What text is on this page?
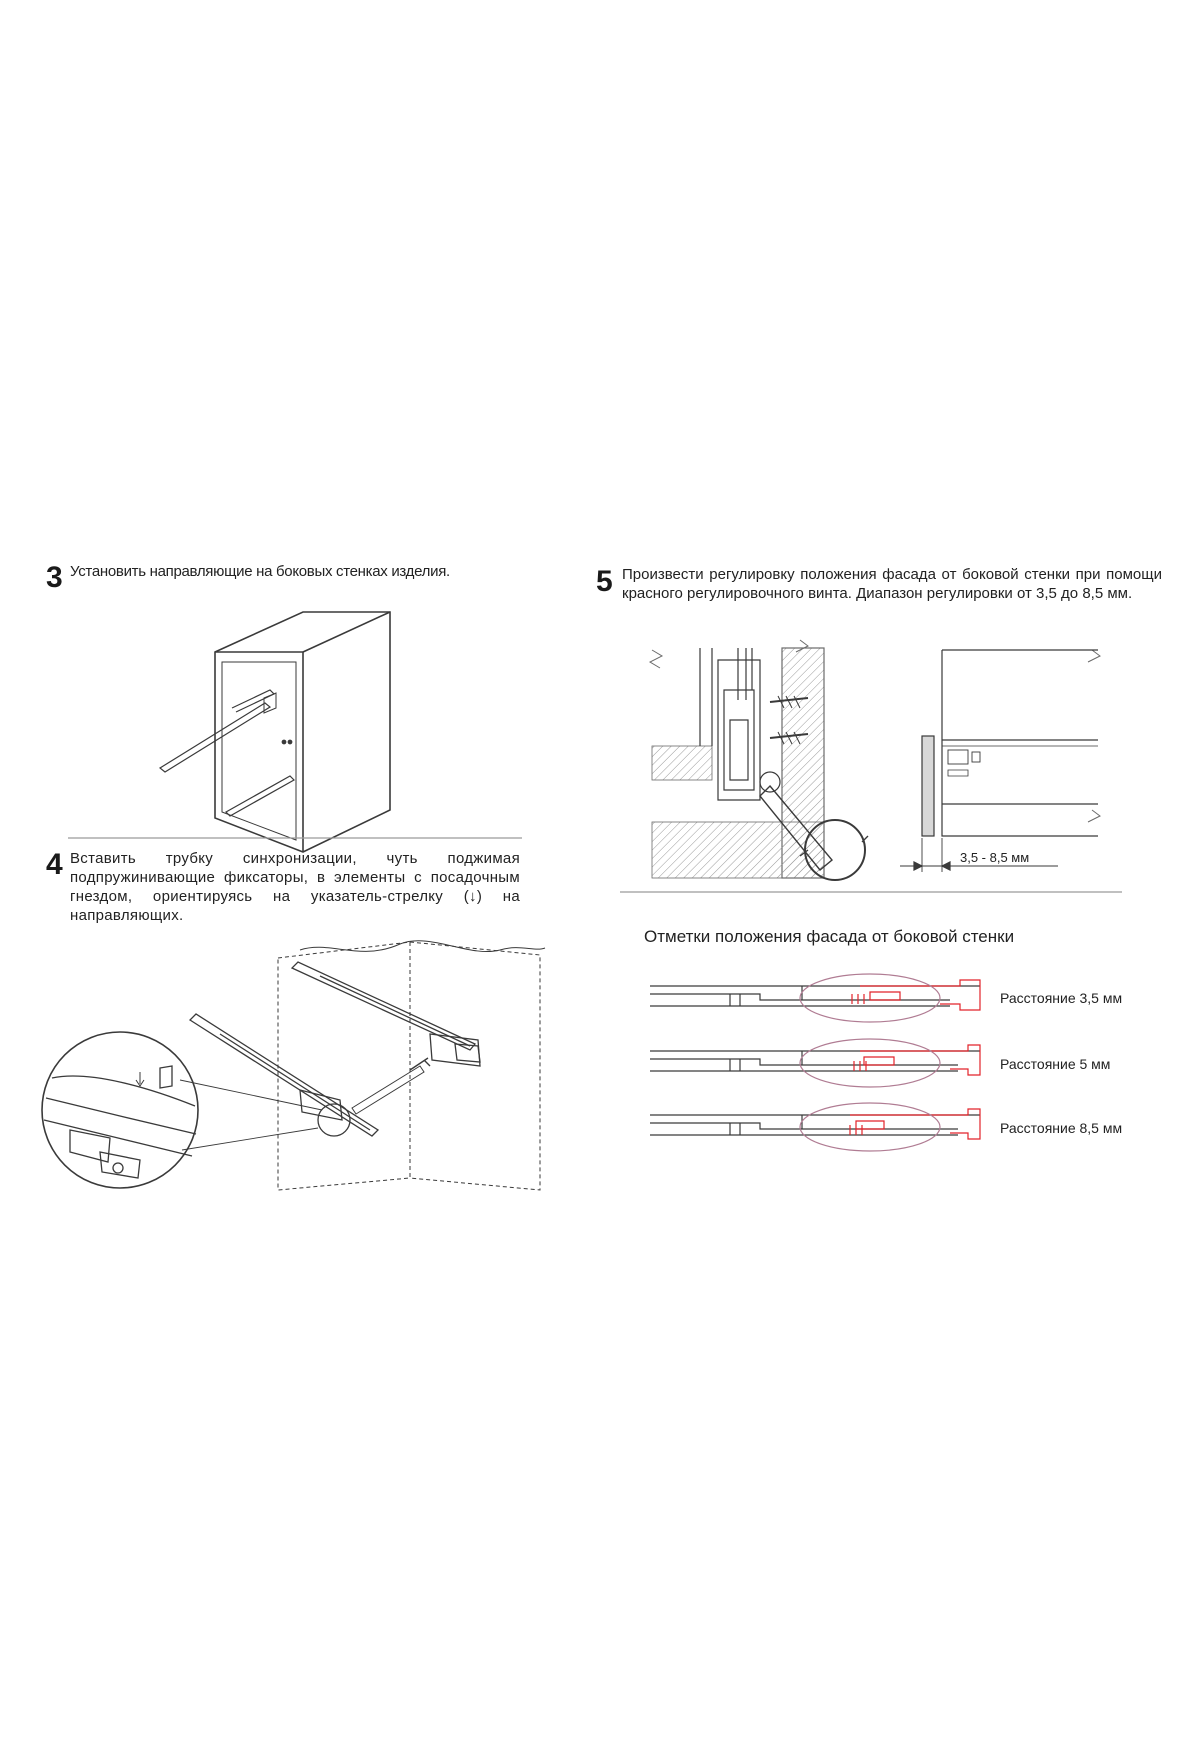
3 Установить направляющие на боковых стенках изделия.
4 Вставить трубку синхронизации, чуть поджимая подпружинивающие фиксаторы, в элементы с посадочным гнездом, ориентируясь на указатель-стрелку (↓) на направляющих.
5 Произвести регулировку положения фасада от боковой стенки при помощи красного регулировочного винта. Диапазон регулировки от 3,5 до 8,5 мм.
3,5 - 8,5 мм
Отметки положения фасада от боковой стенки
Расстояние 3,5 мм
Расстояние 5 мм
Расстояние 8,5 мм
